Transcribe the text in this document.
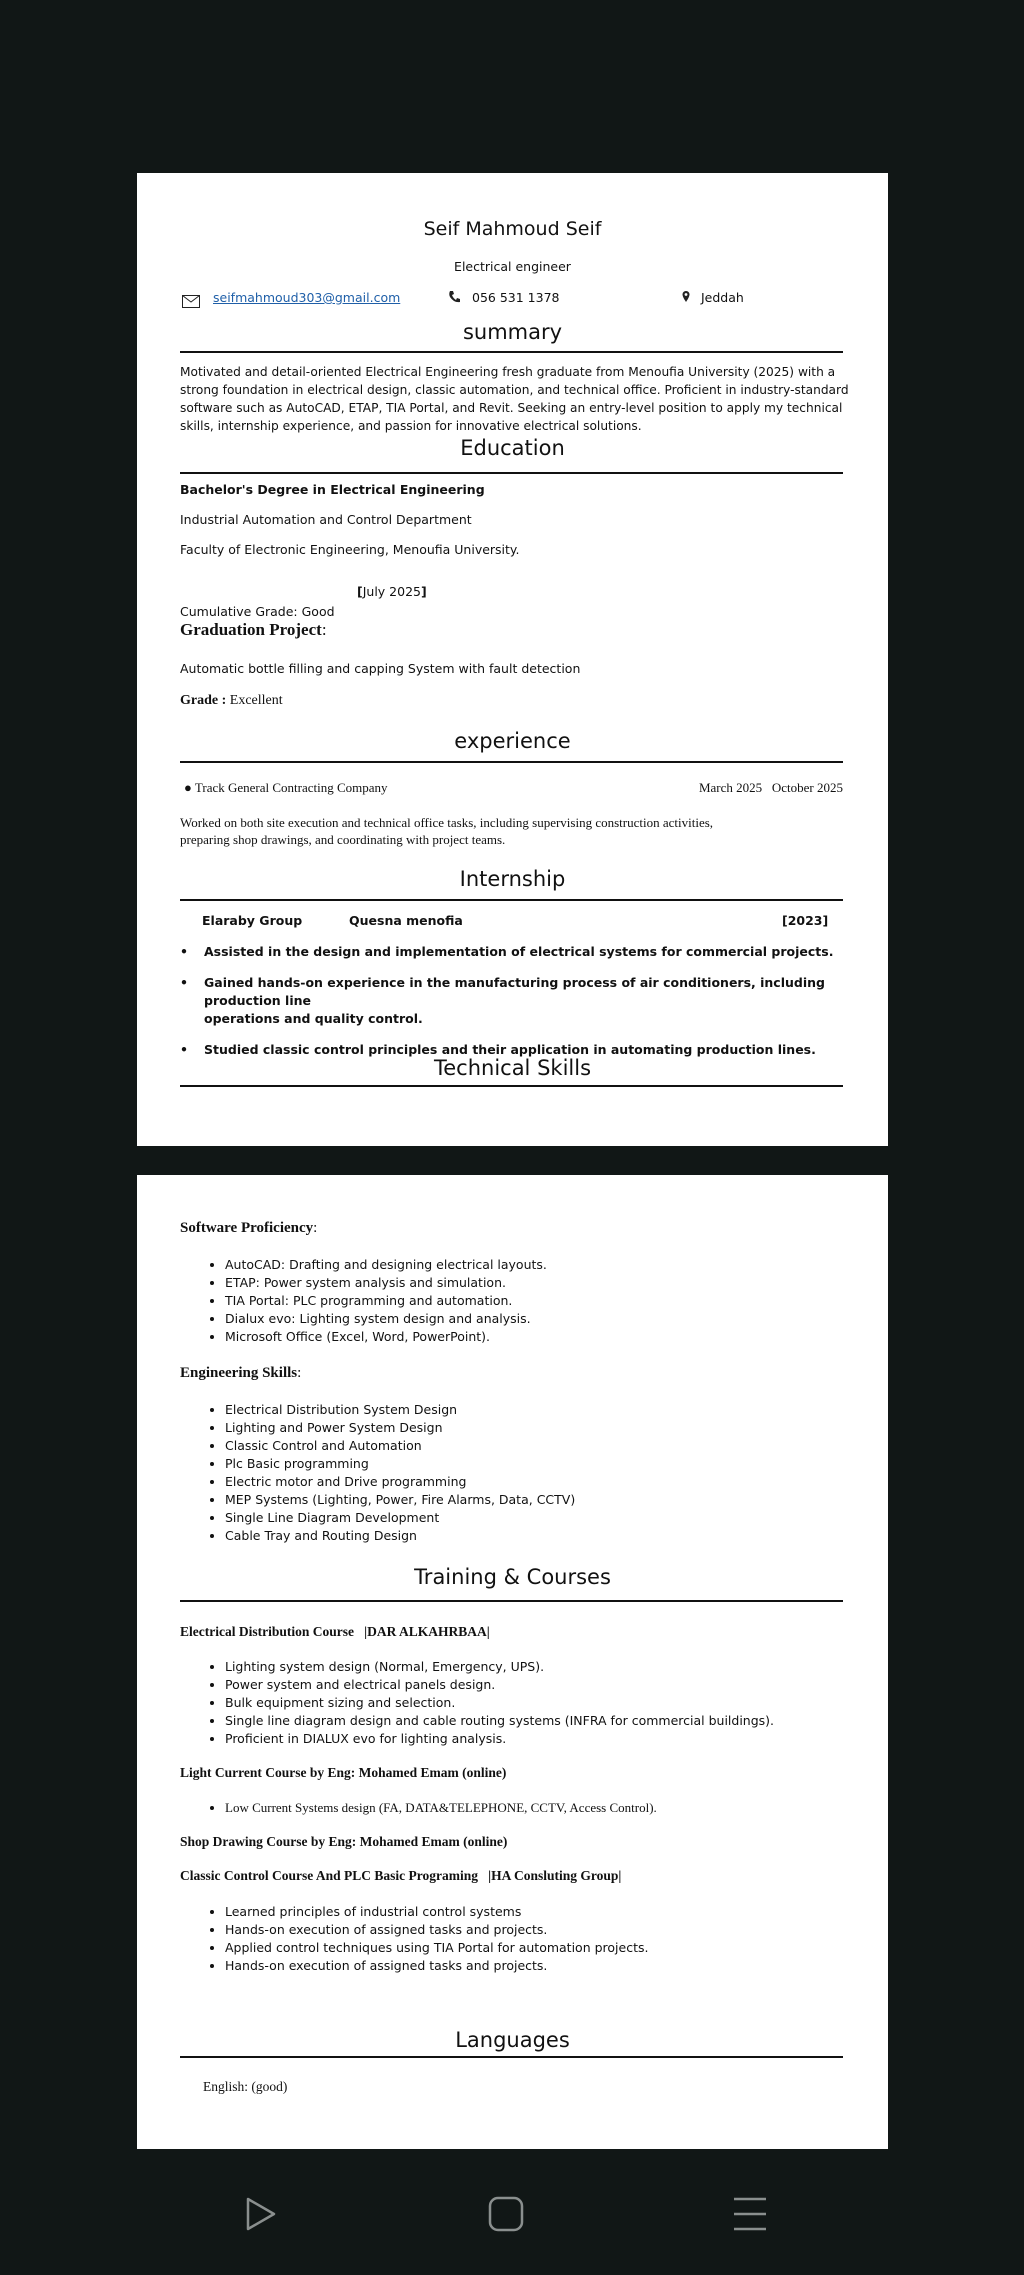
Seif Mahmoud Seif
Electrical engineer
seifmahmoud303@gmail.com	056 531 1378	Jeddah
summary
Motivated and detail-oriented Electrical Engineering fresh graduate from Menoufia University (2025) with a
strong foundation in electrical design, classic automation, and technical office. Proficient in industry-standard
software such as AutoCAD, ETAP, TIA Portal, and Revit. Seeking an entry-level position to apply my technical
skills, internship experience, and passion for innovative electrical solutions.
Education
Bachelor's Degree in Electrical Engineering
Industrial Automation and Control Department
Faculty of Electronic Engineering, Menoufia University.
[July 2025]
Cumulative Grade: Good
Graduation Project:
Automatic bottle filling and capping System with fault detection
Grade : Excellent
experience
● Track General Contracting Company	March 2025 October 2025
Worked on both site execution and technical office tasks, including supervising construction activities,
preparing shop drawings, and coordinating with project teams.
Internship
Elaraby Group	Quesna menofia	[2023]
• Assisted in the design and implementation of electrical systems for commercial projects.
• Gained hands-on experience in the manufacturing process of air conditioners, including production line
operations and quality control.
• Studied classic control principles and their application in automating production lines.
Technical Skills
Software Proficiency:
• AutoCAD: Drafting and designing electrical layouts.
• ETAP: Power system analysis and simulation.
• TIA Portal: PLC programming and automation.
• Dialux evo: Lighting system design and analysis.
• Microsoft Office (Excel, Word, PowerPoint).
Engineering Skills:
• Electrical Distribution System Design
• Lighting and Power System Design
• Classic Control and Automation
• Plc Basic programming
• Electric motor and Drive programming
• MEP Systems (Lighting, Power, Fire Alarms, Data, CCTV)
• Single Line Diagram Development
• Cable Tray and Routing Design
Training & Courses
Electrical Distribution Course   |DAR ALKAHRBAA|
• Lighting system design (Normal, Emergency, UPS).
• Power system and electrical panels design.
• Bulk equipment sizing and selection.
• Single line diagram design and cable routing systems (INFRA for commercial buildings).
• Proficient in DIALUX evo for lighting analysis.
Light Current Course by Eng: Mohamed Emam (online)
• Low Current Systems design (FA, DATA&TELEPHONE, CCTV, Access Control).
Shop Drawing Course by Eng: Mohamed Emam (online)
Classic Control Course And PLC Basic Programing   |HA Consluting Group|
• Learned principles of industrial control systems
• Hands-on execution of assigned tasks and projects.
• Applied control techniques using TIA Portal for automation projects.
• Hands-on execution of assigned tasks and projects.
Languages
English: (good)
